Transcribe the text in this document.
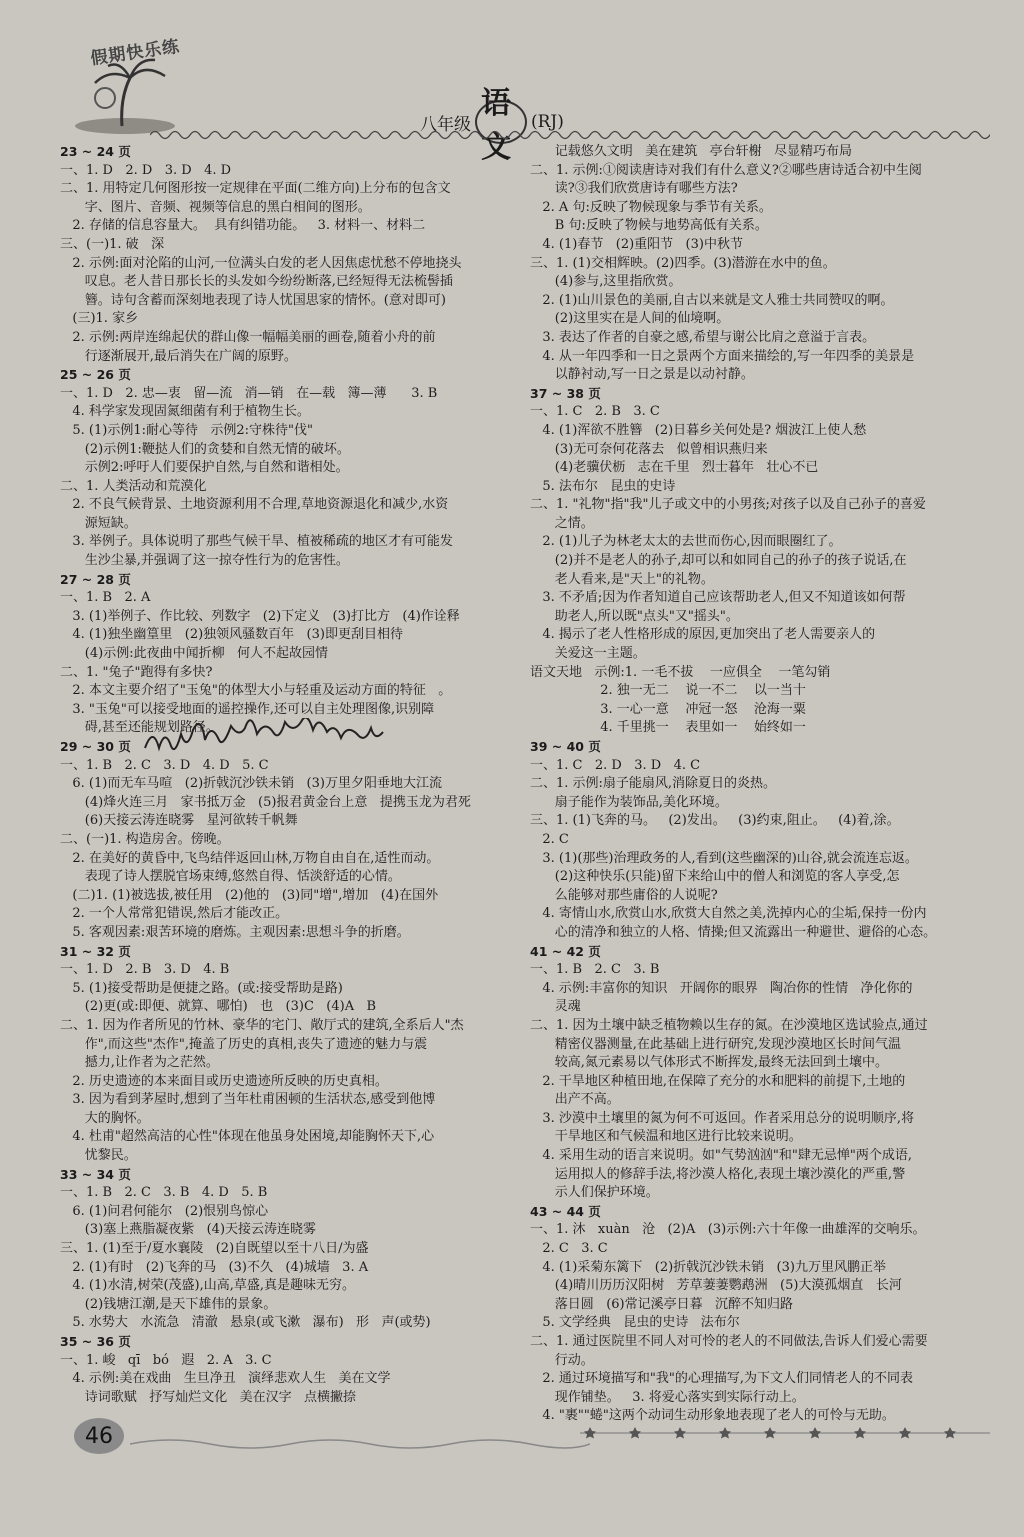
假期快乐练
八年级
语文
(RJ)
23 ~ 24 页
一、1. D   2. D   3. D   4. D
二、1. 用特定几何图形按一定规律在平面(二维方向)上分布的包含文
字、图片、音频、视频等信息的黑白相间的图形。
2. 存储的信息容量大。  具有纠错功能。   3. 材料一、材料二
三、(一)1. 破   深
2. 示例:面对沦陷的山河,一位满头白发的老人因焦虑忧愁不停地挠头
叹息。老人昔日那长长的头发如今纷纷断落,已经短得无法梳髻插
簪。诗句含蓄而深刻地表现了诗人忧国思家的情怀。(意对即可)
(三)1. 家乡
2. 示例:两岸连绵起伏的群山像一幅幅美丽的画卷,随着小舟的前
行逐渐展开,最后消失在广阔的原野。
25 ~ 26 页
一、1. D   2. 忠—衷   留—流   消—销   在—载   簿—薄      3. B
4. 科学家发现固氮细菌有利于植物生长。
5. (1)示例1:耐心等待   示例2:守株待"伐"
(2)示例1:鞭挞人们的贪婪和自然无情的破坏。
示例2:呼吁人们要保护自然,与自然和谐相处。
二、1. 人类活动和荒漠化
2. 不良气候背景、土地资源利用不合理,草地资源退化和减少,水资
源短缺。
3. 举例子。具体说明了那些气候干旱、植被稀疏的地区才有可能发
生沙尘暴,并强调了这一掠夺性行为的危害性。
27 ~ 28 页
一、1. B   2. A
3. (1)举例子、作比较、列数字   (2)下定义   (3)打比方   (4)作诠释
4. (1)独坐幽篁里   (2)独领风骚数百年   (3)即更刮目相待
(4)示例:此夜曲中闻折柳   何人不起故园情
二、1. "兔子"跑得有多快?
2. 本文主要介绍了"玉兔"的体型大小与轻重及运动方面的特征   。
3. "玉兔"可以接受地面的遥控操作,还可以自主处理图像,识别障
碍,甚至还能规划路径。
29 ~ 30 页
一、1. B   2. C   3. D   4. D   5. C
6. (1)而无车马喧   (2)折戟沉沙铁未销   (3)万里夕阳垂地大江流
(4)烽火连三月   家书抵万金   (5)报君黄金台上意   提携玉龙为君死
(6)天接云涛连晓雾   星河欲转千帆舞
二、(一)1. 构造房舍。傍晚。
2. 在美好的黄昏中,飞鸟结伴返回山林,万物自由自在,适性而动。
表现了诗人摆脱官场束缚,悠然自得、恬淡舒适的心情。
(二)1. (1)被选拔,被任用   (2)他的   (3)同"增",增加   (4)在国外
2. 一个人常常犯错误,然后才能改正。
5. 客观因素:艰苦环境的磨炼。主观因素:思想斗争的折磨。
31 ~ 32 页
一、1. D   2. B   3. D   4. B
5. (1)接受帮助是便捷之路。(或:接受帮助是路)
(2)更(或:即便、就算、哪怕)   也   (3)C   (4)A   B
二、1. 因为作者所见的竹林、豪华的宅门、敞厅式的建筑,全系后人"杰
作",而这些"杰作",掩盖了历史的真相,丧失了遗迹的魅力与震
撼力,让作者为之茫然。
2. 历史遗迹的本来面目或历史遗迹所反映的历史真相。
3. 因为看到茅屋时,想到了当年杜甫困顿的生活状态,感受到他博
大的胸怀。
4. 杜甫"超然高洁的心性"体现在他虽身处困境,却能胸怀天下,心
忧黎民。
33 ~ 34 页
一、1. B   2. C   3. B   4. D   5. B
6. (1)问君何能尔   (2)恨别鸟惊心
(3)塞上燕脂凝夜紫   (4)天接云涛连晓雾
三、1. (1)至于/夏水襄陵   (2)自既望以至十八日/为盛
2. (1)有时   (2)飞奔的马   (3)不久   (4)城墙   3. A
4. (1)水清,树荣(茂盛),山高,草盛,真是趣味无穷。
(2)钱塘江潮,是天下雄伟的景象。
5. 水势大   水流急   清澈   悬泉(或飞漱   瀑布)   形   声(或势)
35 ~ 36 页
一、1. 峻   qī   bó   遐   2. A   3. C
4. 示例:美在戏曲   生旦净丑   演绎悲欢人生   美在文学
诗词歌赋   抒写灿烂文化   美在汉字   点横撇捺
记载悠久文明   美在建筑   亭台轩榭   尽显精巧布局
二、1. 示例:①阅读唐诗对我们有什么意义?②哪些唐诗适合初中生阅
读?③我们欣赏唐诗有哪些方法?
2. A 句:反映了物候现象与季节有关系。
B 句:反映了物候与地势高低有关系。
4. (1)春节   (2)重阳节   (3)中秋节
三、1. (1)交相辉映。(2)四季。(3)潜游在水中的鱼。
(4)参与,这里指欣赏。
2. (1)山川景色的美丽,自古以来就是文人雅士共同赞叹的啊。
(2)这里实在是人间的仙境啊。
3. 表达了作者的自豪之感,希望与谢公比肩之意溢于言表。
4. 从一年四季和一日之景两个方面来描绘的,写一年四季的美景是
以静衬动,写一日之景是以动衬静。
37 ~ 38 页
一、1. C   2. B   3. C
4. (1)浑欲不胜簪   (2)日暮乡关何处是? 烟波江上使人愁
(3)无可奈何花落去   似曾相识燕归来
(4)老骥伏枥   志在千里   烈士暮年   壮心不已
5. 法布尔   昆虫的史诗
二、1. "礼物"指"我"儿子或文中的小男孩;对孩子以及自己孙子的喜爱
之情。
2. (1)儿子为林老太太的去世而伤心,因而眼圈红了。
(2)并不是老人的孙子,却可以和如同自己的孙子的孩子说话,在
老人看来,是"天上"的礼物。
3. 不矛盾;因为作者知道自己应该帮助老人,但又不知道该如何帮
助老人,所以既"点头"又"摇头"。
4. 揭示了老人性格形成的原因,更加突出了老人需要亲人的
关爱这一主题。
语文天地   示例:1. 一毛不拔    一应俱全    一笔勾销
2. 独一无二    说一不二    以一当十
3. 一心一意    冲冠一怒    沧海一粟
4. 千里挑一    表里如一    始终如一
39 ~ 40 页
一、1. C   2. D   3. D   4. C
二、1. 示例:扇子能扇风,消除夏日的炎热。
扇子能作为装饰品,美化环境。
三、1. (1)飞奔的马。   (2)发出。   (3)约束,阻止。   (4)着,涂。
2. C
3. (1)(那些)治理政务的人,看到(这些幽深的)山谷,就会流连忘返。
(2)这种快乐(只能)留下来给山中的僧人和浏览的客人享受,怎
么能够对那些庸俗的人说呢?
4. 寄情山水,欣赏山水,欣赏大自然之美,洗掉内心的尘垢,保持一份内
心的清净和独立的人格、情操;但又流露出一种避世、避俗的心态。
41 ~ 42 页
一、1. B   2. C   3. B
4. 示例:丰富你的知识   开阔你的眼界   陶冶你的性情   净化你的
灵魂
二、1. 因为土壤中缺乏植物赖以生存的氮。在沙漠地区选试验点,通过
精密仪器测量,在此基础上进行研究,发现沙漠地区长时间气温
较高,氮元素易以气体形式不断挥发,最终无法回到土壤中。
2. 干旱地区种植田地,在保障了充分的水和肥料的前提下,土地的
出产不高。
3. 沙漠中土壤里的氮为何不可返回。作者采用总分的说明顺序,将
干旱地区和气候温和地区进行比较来说明。
4. 采用生动的语言来说明。如"气势汹汹"和"肆无忌惮"两个成语,
运用拟人的修辞手法,将沙漠人格化,表现土壤沙漠化的严重,警
示人们保护环境。
43 ~ 44 页
一、1. 沐   xuàn   沧   (2)A   (3)示例:六十年像一曲雄浑的交响乐。
2. C   3. C
4. (1)采菊东篱下   (2)折戟沉沙铁未销   (3)九万里风鹏正举
(4)晴川历历汉阳树   芳草萋萋鹦鹉洲   (5)大漠孤烟直   长河
落日圆   (6)常记溪亭日暮   沉醉不知归路
5. 文学经典   昆虫的史诗   法布尔
二、1. 通过医院里不同人对可怜的老人的不同做法,告诉人们爱心需要
行动。
2. 通过环境描写和"我"的心理描写,为下文人们同情老人的不同表
现作铺垫。   3. 将爱心落实到实际行动上。
4. "裹""蜷"这两个动词生动形象地表现了老人的可怜与无助。
46
